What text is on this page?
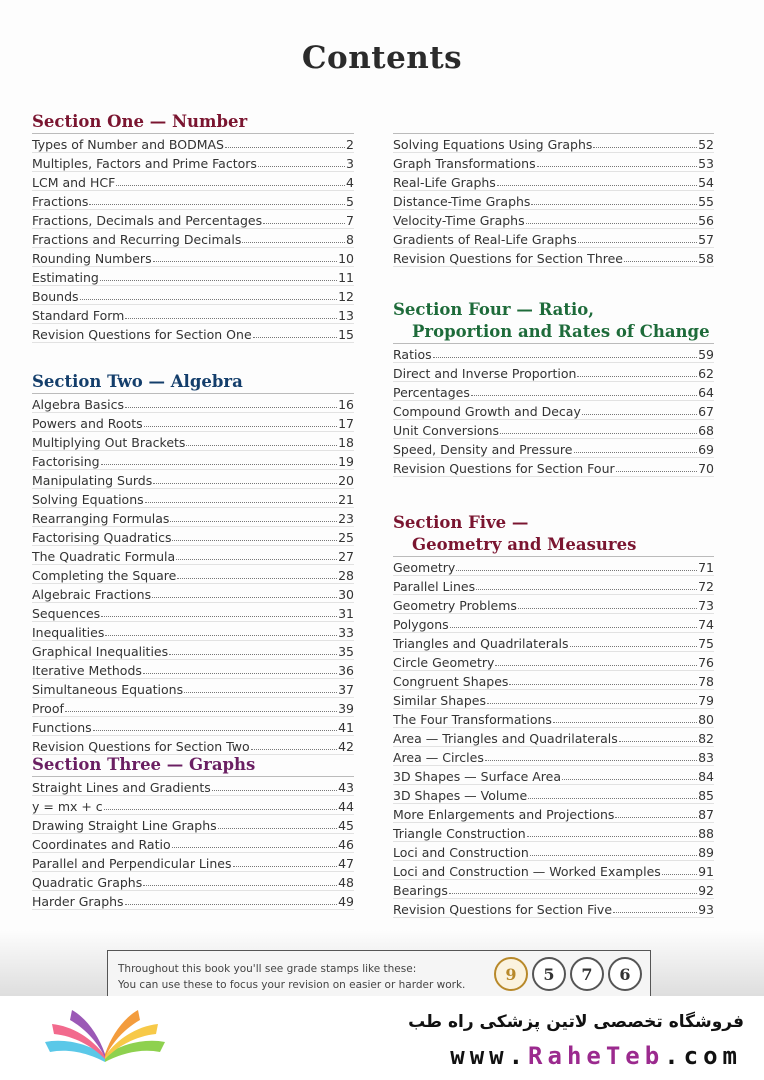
Contents
Section One — Number
Types of Number and BODMAS	2
Multiples, Factors and Prime Factors	3
LCM and HCF	4
Fractions	5
Fractions, Decimals and Percentages	7
Fractions and Recurring Decimals	8
Rounding Numbers	10
Estimating	11
Bounds	12
Standard Form	13
Revision Questions for Section One	15
Section Two — Algebra
Algebra Basics	16
Powers and Roots	17
Multiplying Out Brackets	18
Factorising	19
Manipulating Surds	20
Solving Equations	21
Rearranging Formulas	23
Factorising Quadratics	25
The Quadratic Formula	27
Completing the Square	28
Algebraic Fractions	30
Sequences	31
Inequalities	33
Graphical Inequalities	35
Iterative Methods	36
Simultaneous Equations	37
Proof	39
Functions	41
Revision Questions for Section Two	42
Section Three — Graphs
Straight Lines and Gradients	43
y = mx + c	44
Drawing Straight Line Graphs	45
Coordinates and Ratio	46
Parallel and Perpendicular Lines	47
Quadratic Graphs	48
Harder Graphs	49
Solving Equations Using Graphs	52
Graph Transformations	53
Real-Life Graphs	54
Distance-Time Graphs	55
Velocity-Time Graphs	56
Gradients of Real-Life Graphs	57
Revision Questions for Section Three	58
Section Four — Ratio,
Proportion and Rates of Change
Ratios	59
Direct and Inverse Proportion	62
Percentages	64
Compound Growth and Decay	67
Unit Conversions	68
Speed, Density and Pressure	69
Revision Questions for Section Four	70
Section Five —
Geometry and Measures
Geometry	71
Parallel Lines	72
Geometry Problems	73
Polygons	74
Triangles and Quadrilaterals	75
Circle Geometry	76
Congruent Shapes	78
Similar Shapes	79
The Four Transformations	80
Area — Triangles and Quadrilaterals	82
Area — Circles	83
3D Shapes — Surface Area	84
3D Shapes — Volume	85
More Enlargements and Projections	87
Triangle Construction	88
Loci and Construction	89
Loci and Construction — Worked Examples	91
Bearings	92
Revision Questions for Section Five	93
Throughout this book you'll see grade stamps like these:
You can use these to focus your revision on easier or harder work.
9	5	7	6
فروشگاه تخصصی لاتین پزشکی راه طب
www.RaheTeb.com
